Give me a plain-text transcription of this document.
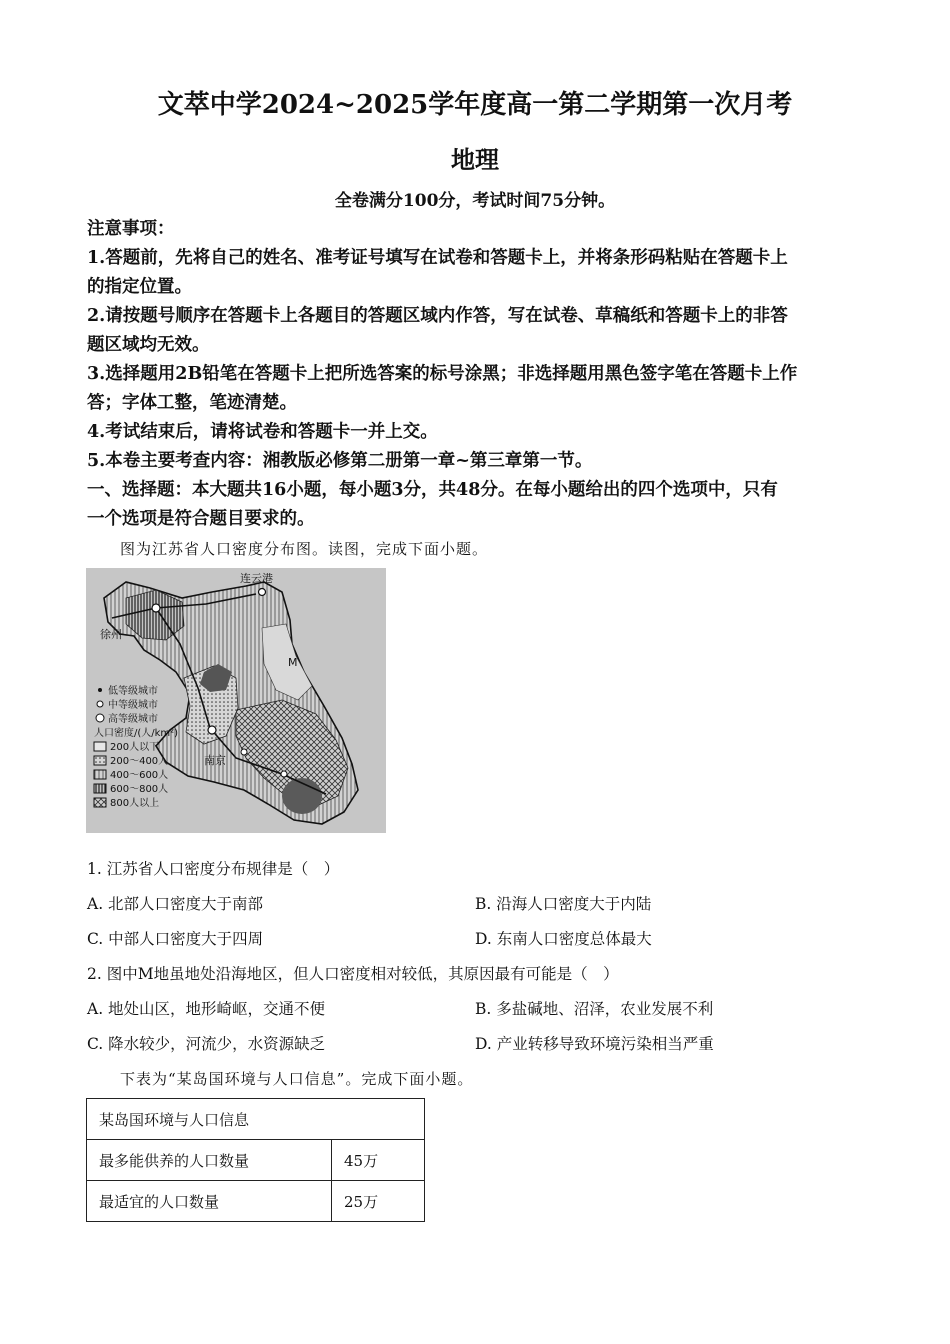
文萃中学2024~2025学年度高一第二学期第一次月考
地理
全卷满分100分，考试时间75分钟。
注意事项：
1.答题前，先将自己的姓名、准考证号填写在试卷和答题卡上，并将条形码粘贴在答题卡上
的指定位置。
2.请按题号顺序在答题卡上各题目的答题区域内作答，写在试卷、草稿纸和答题卡上的非答
题区域均无效。
3.选择题用2B铅笔在答题卡上把所选答案的标号涂黑；非选择题用黑色签字笔在答题卡上作
答；字体工整，笔迹清楚。
4.考试结束后，请将试卷和答题卡一并上交。
5.本卷主要考查内容：湘教版必修第二册第一章~第三章第一节。
一、选择题：本大题共16小题，每小题3分，共48分。在每小题给出的四个选项中，只有
一个选项是符合题目要求的。
图为江苏省人口密度分布图。读图，完成下面小题。
连云港
徐州
M
南京
低等级城市
中等级城市
高等级城市
人口密度/(人/km²)
200人以下
200～400人
400～600人
600～800人
800人以上
1. 江苏省人口密度分布规律是（　）
A. 北部人口密度大于南部	B. 沿海人口密度大于内陆
C. 中部人口密度大于四周	D. 东南人口密度总体最大
2. 图中M地虽地处沿海地区，但人口密度相对较低，其原因最有可能是（　）
A. 地处山区，地形崎岖，交通不便	B. 多盐碱地、沼泽，农业发展不利
C. 降水较少，河流少，水资源缺乏	D. 产业转移导致环境污染相当严重
下表为“某岛国环境与人口信息”。完成下面小题。
某岛国环境与人口信息	
最多能供养的人口数量	45万
最适宜的人口数量	25万
